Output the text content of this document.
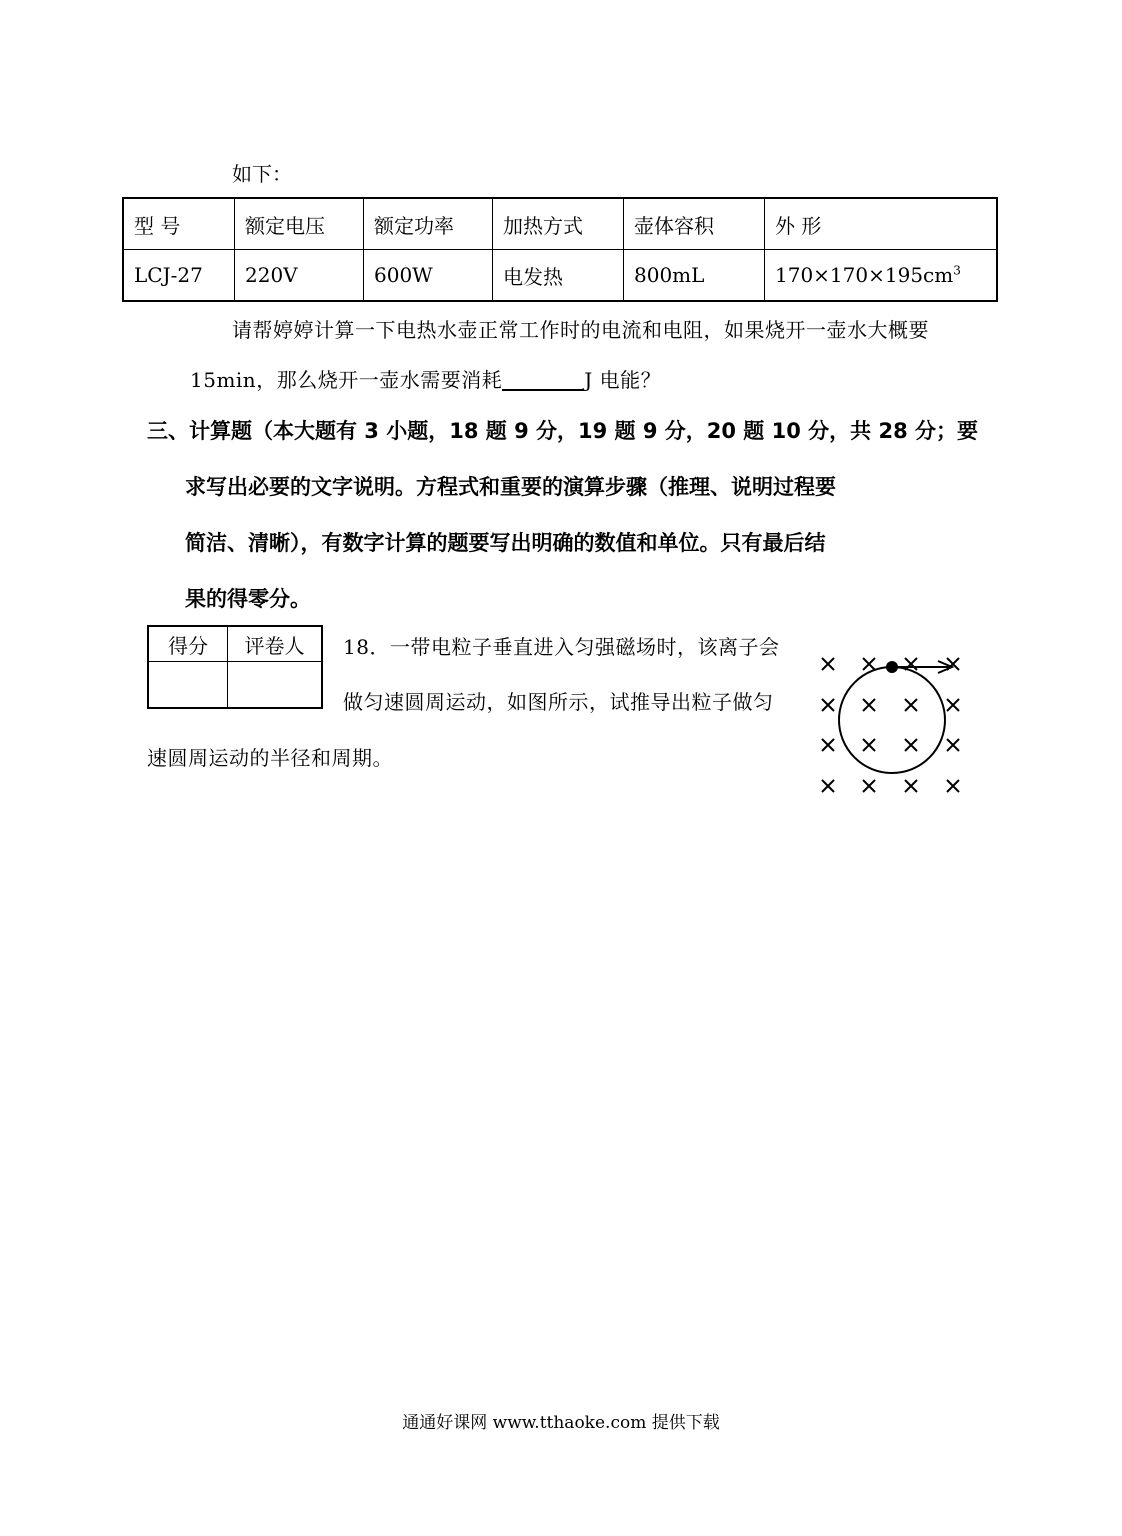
如下：
型 号	额定电压	额定功率	加热方式	壶体容积	外 形
LCJ-27	220V	600W	电发热	800mL	$170\times 170\times 195cm^3$
请帮婷婷计算一下电热水壶正常工作时的电流和电阻，如果烧开一壶水大概要
15min，那么烧开一壶水需要消耗	J 电能？
三、计算题（本大题有 3 小题，18 题 9 分，19 题 9 分，20 题 10 分，共 28 分；要
求写出必要的文字说明。方程式和重要的演算步骤（推理、说明过程要
简洁、清晰），有数字计算的题要写出明确的数值和单位。只有最后结
果的得零分。
得分	评卷人
	18．一带电粒子垂直进入匀强磁场时，该离子会
做匀速圆周运动，如图所示，试推导出粒子做匀
速圆周运动的半径和周期。
通通好课网 www.tthaoke.com 提供下载
